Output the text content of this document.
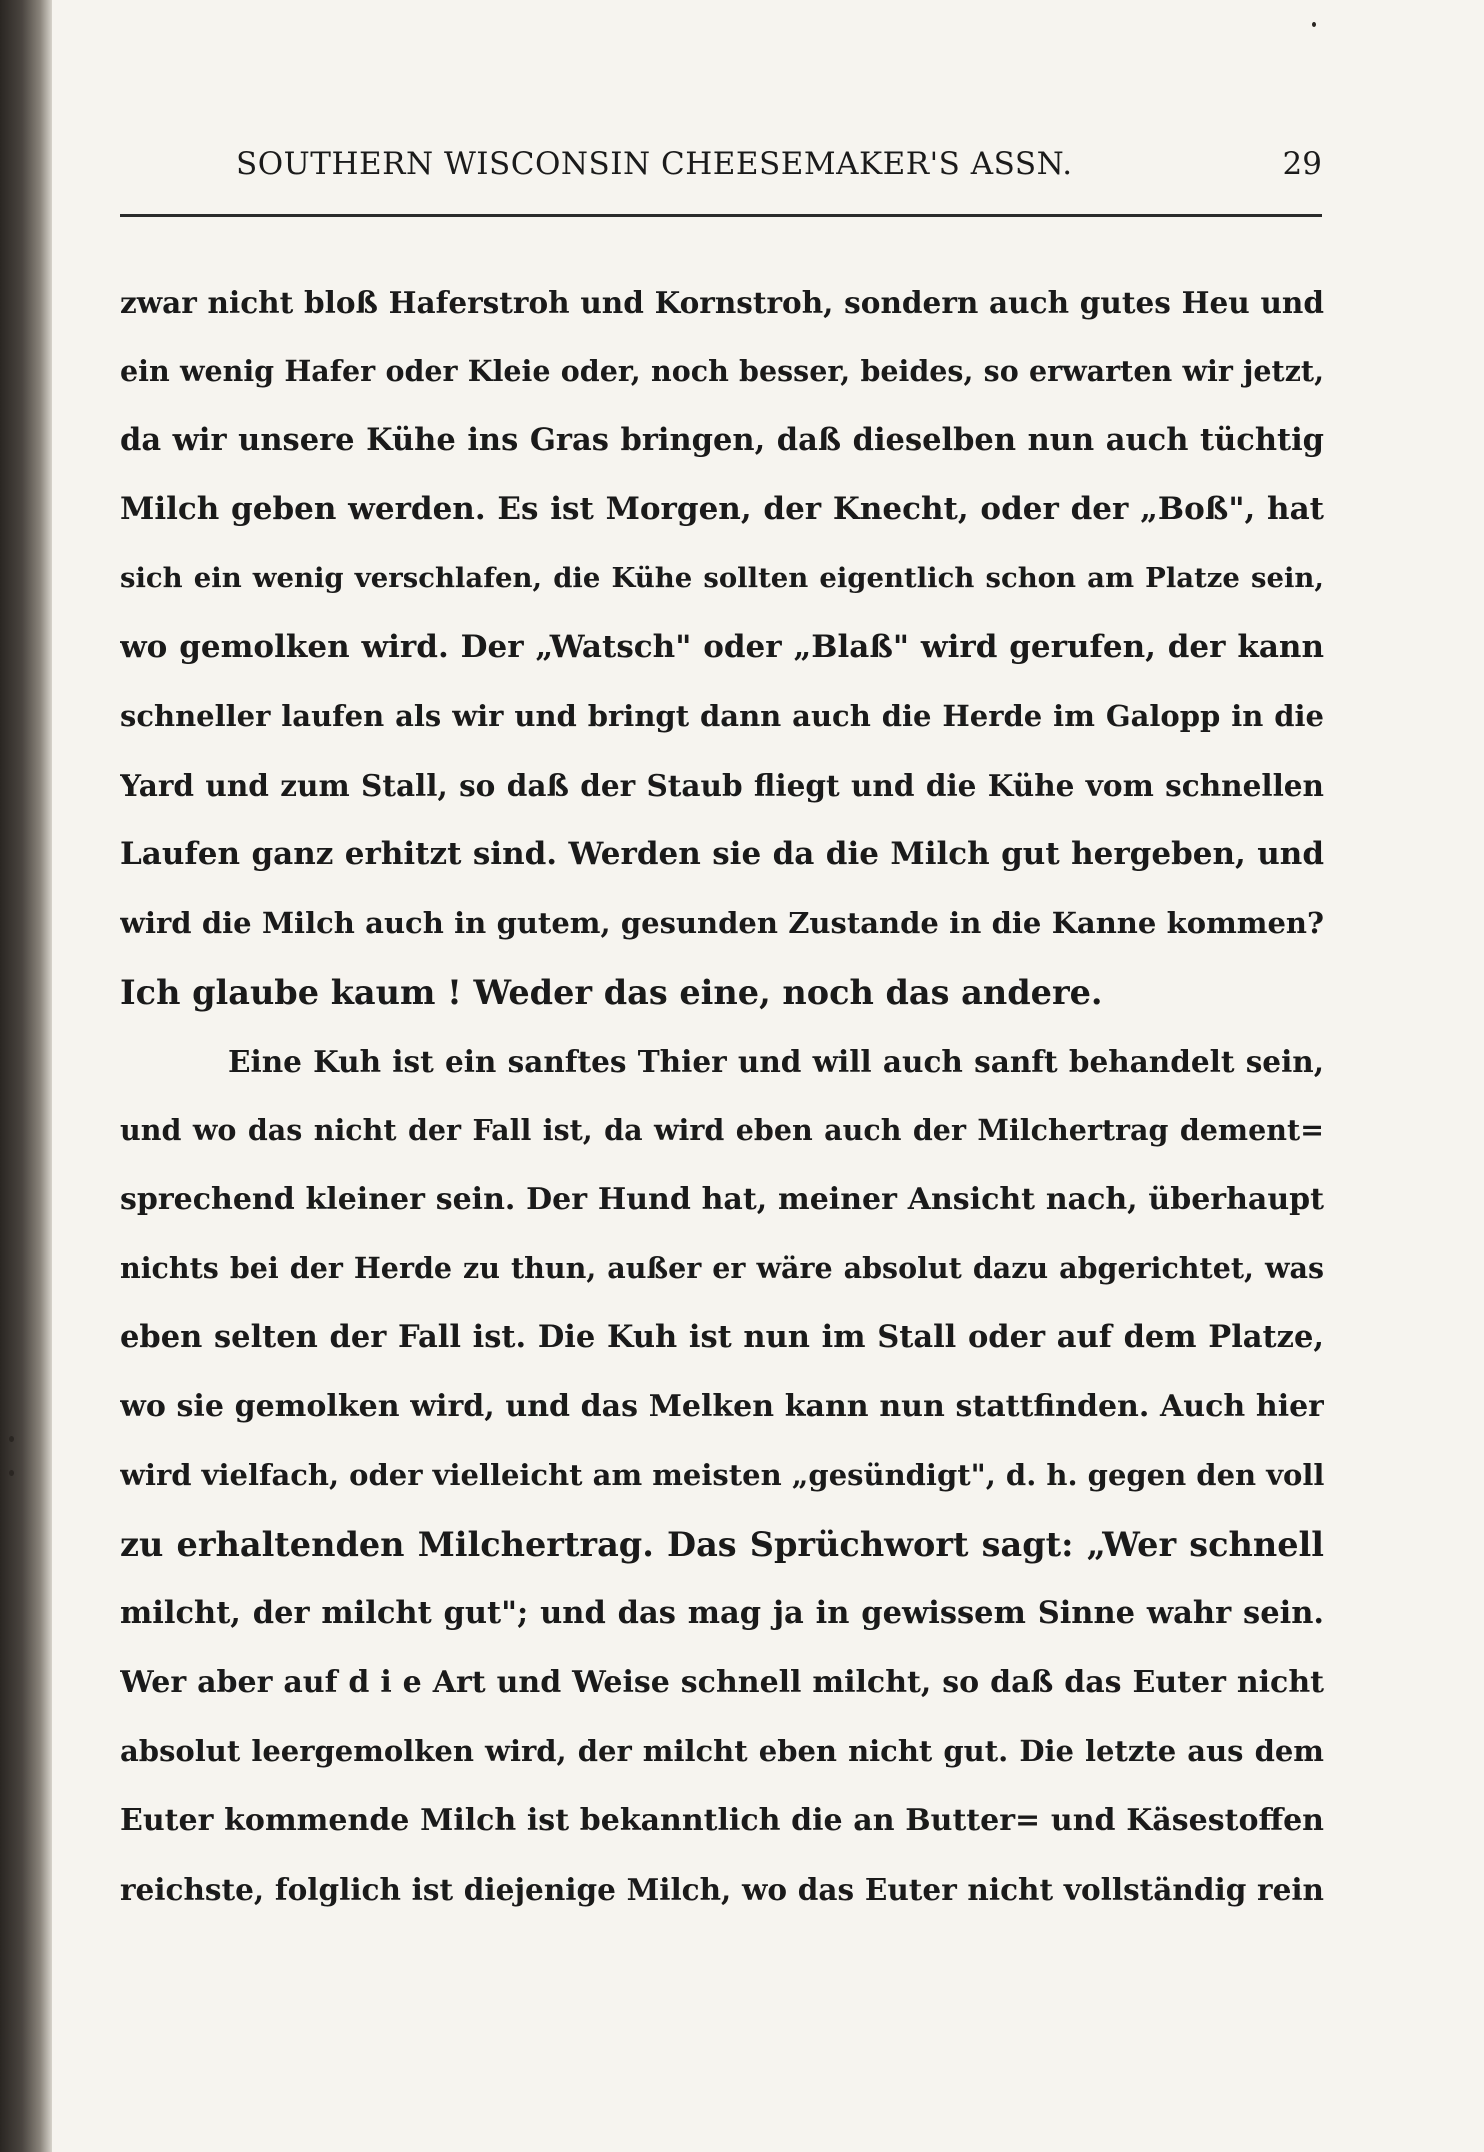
SOUTHERN WISCONSIN CHEESEMAKER'S ASSN.	29
zwar nicht bloß Haferstroh und Kornstroh, sondern auch gutes Heu und
ein wenig Hafer oder Kleie oder, noch besser, beides, so erwarten wir jetzt,
da wir unsere Kühe ins Gras bringen, daß dieselben nun auch tüchtig
Milch geben werden. Es ist Morgen, der Knecht, oder der „Boß", hat
sich ein wenig verschlafen, die Kühe sollten eigentlich schon am Platze sein,
wo gemolken wird. Der „Watsch" oder „Blaß" wird gerufen, der kann
schneller laufen als wir und bringt dann auch die Herde im Galopp in die
Yard und zum Stall, so daß der Staub fliegt und die Kühe vom schnellen
Laufen ganz erhitzt sind. Werden sie da die Milch gut hergeben, und
wird die Milch auch in gutem, gesunden Zustande in die Kanne kommen?
Ich glaube kaum ! Weder das eine, noch das andere.
Eine Kuh ist ein sanftes Thier und will auch sanft behandelt sein,
und wo das nicht der Fall ist, da wird eben auch der Milchertrag dement=
sprechend kleiner sein. Der Hund hat, meiner Ansicht nach, überhaupt
nichts bei der Herde zu thun, außer er wäre absolut dazu abgerichtet, was
eben selten der Fall ist. Die Kuh ist nun im Stall oder auf dem Platze,
wo sie gemolken wird, und das Melken kann nun stattfinden. Auch hier
wird vielfach, oder vielleicht am meisten „gesündigt", d. h. gegen den voll
zu erhaltenden Milchertrag. Das Sprüchwort sagt: „Wer schnell
milcht, der milcht gut"; und das mag ja in gewissem Sinne wahr sein.
Wer aber auf d i e Art und Weise schnell milcht, so daß das Euter nicht
absolut leergemolken wird, der milcht eben nicht gut. Die letzte aus dem
Euter kommende Milch ist bekanntlich die an Butter= und Käsestoffen
reichste, folglich ist diejenige Milch, wo das Euter nicht vollständig rein
